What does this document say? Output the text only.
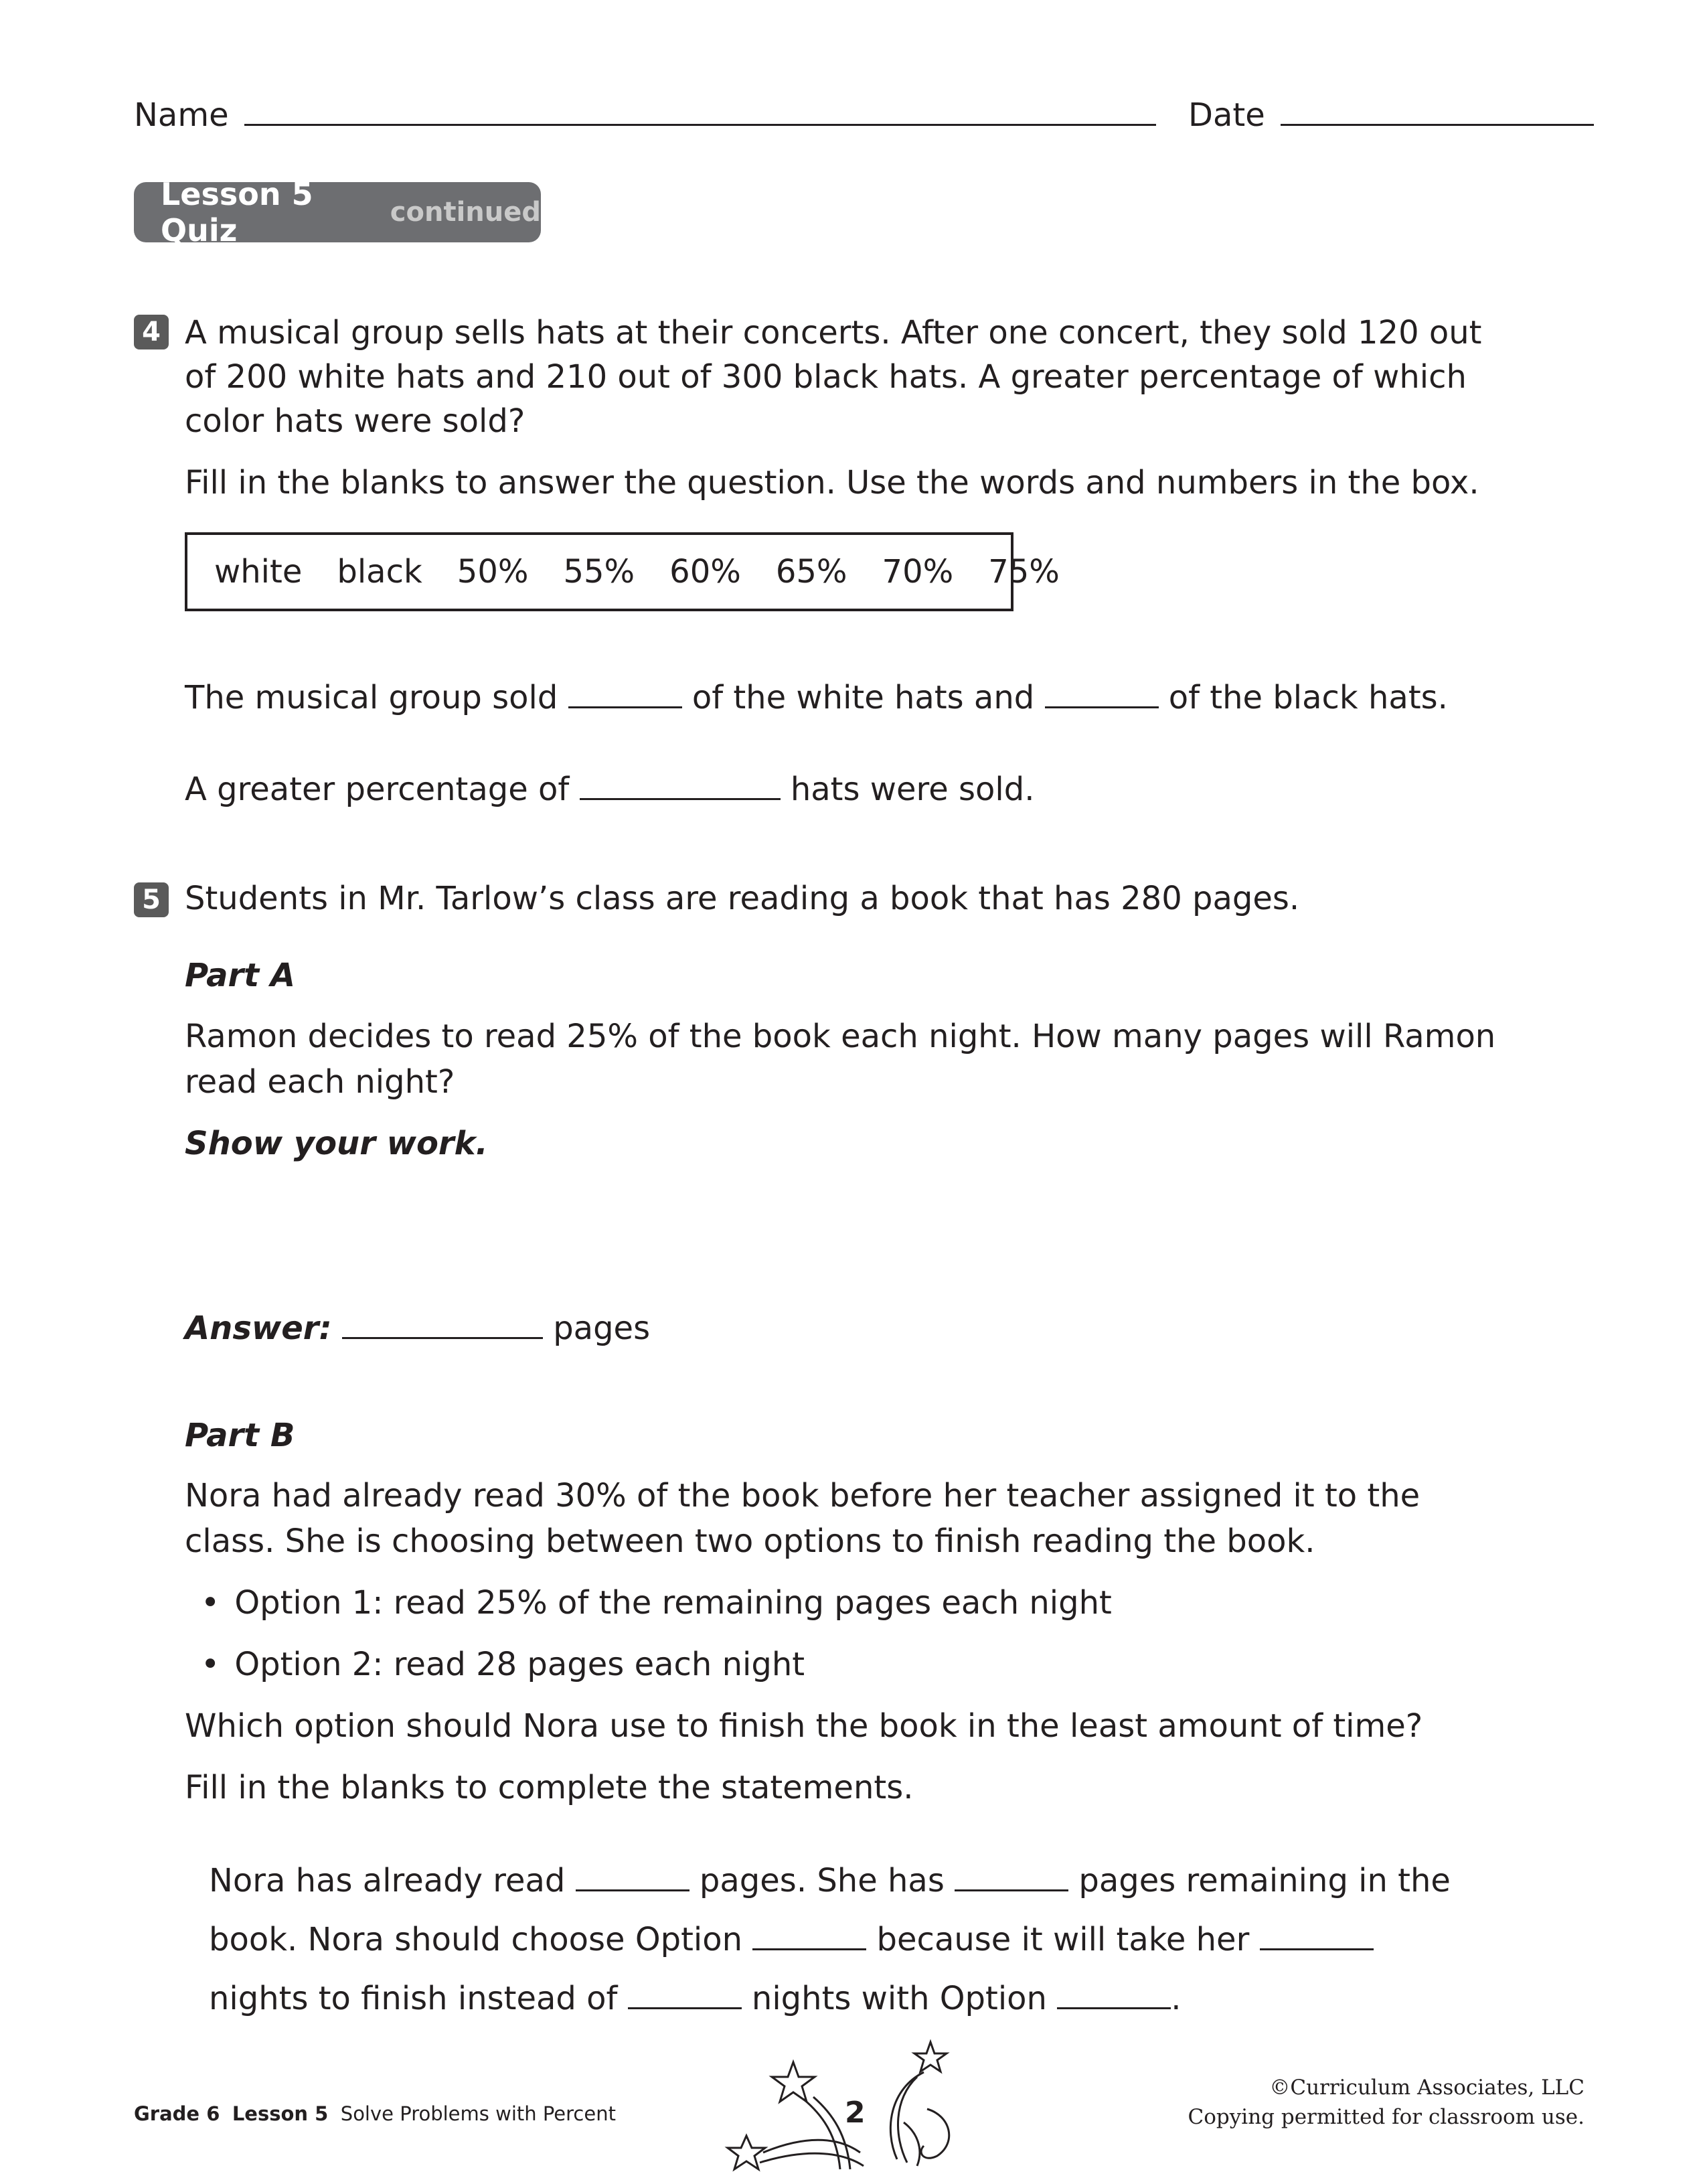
Name	Date
Lesson 5 Quiz	continued
4 A musical group sells hats at their concerts. After one concert, they sold 120 out
of 200 white hats and 210 out of 300 black hats. A greater percentage of which
color hats were sold?
Fill in the blanks to answer the question. Use the words and numbers in the box.
white black 50% 55% 60% 65% 70% 75%
The musical group sold	of the white hats and	of the black hats.
A greater percentage of	hats were sold.
5 Students in Mr. Tarlow’s class are reading a book that has 280 pages.
Part A
Ramon decides to read 25% of the book each night. How many pages will Ramon
read each night?
Show your work.
Answer:	pages
Part B
Nora had already read 30% of the book before her teacher assigned it to the
class. She is choosing between two options to finish reading the book.
• Option 1: read 25% of the remaining pages each night
• Option 2: read 28 pages each night
Which option should Nora use to finish the book in the least amount of time?
Fill in the blanks to complete the statements.
Nora has already read	pages. She has	pages remaining in the
book. Nora should choose Option	because it will take her
nights to finish instead of	nights with Option	.
Grade 6 Lesson 5 Solve Problems with Percent	2
©Curriculum Associates, LLC
Copying permitted for classroom use.
